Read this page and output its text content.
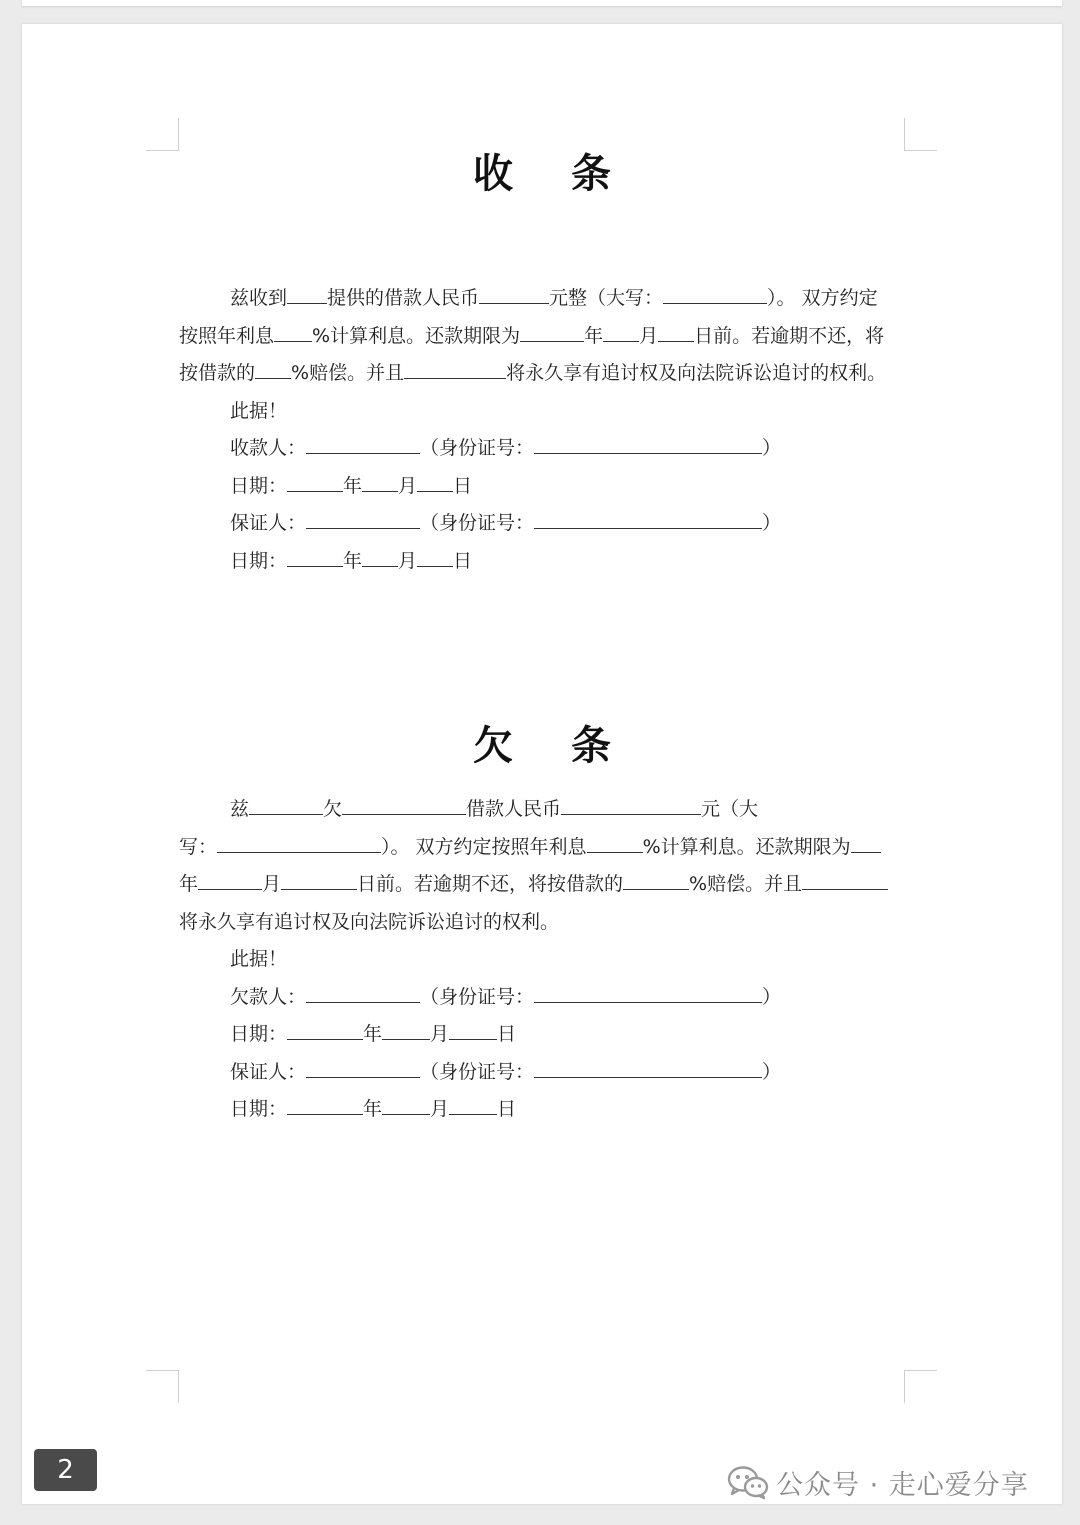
收 条
兹收到 提供的借款人民币	元整（大写：	）。 双方约定
按照年利息 %计算利息。还款期限为	年 月 日前。若逾期不还，将
按借款的 %赔偿。并且	将永久享有追讨权及向法院诉讼追讨的权利。
此据！
收款人：	（身份证号：	）
日期：	年 月 日
保证人：	（身份证号：	）
日期：	年 月 日
欠 条
兹	欠	借款人民币	元（大
写：	）。 双方约定按照年利息	%计算利息。还款期限为
年	月	日前。若逾期不还，将按借款的	%赔偿。并且
将永久享有追讨权及向法院诉讼追讨的权利。
此据！
欠款人：	（身份证号：	）
日期：	年	月	日
保证人：	（身份证号：	）
日期：	年	月	日
2	公众号 · 走心爱分享
